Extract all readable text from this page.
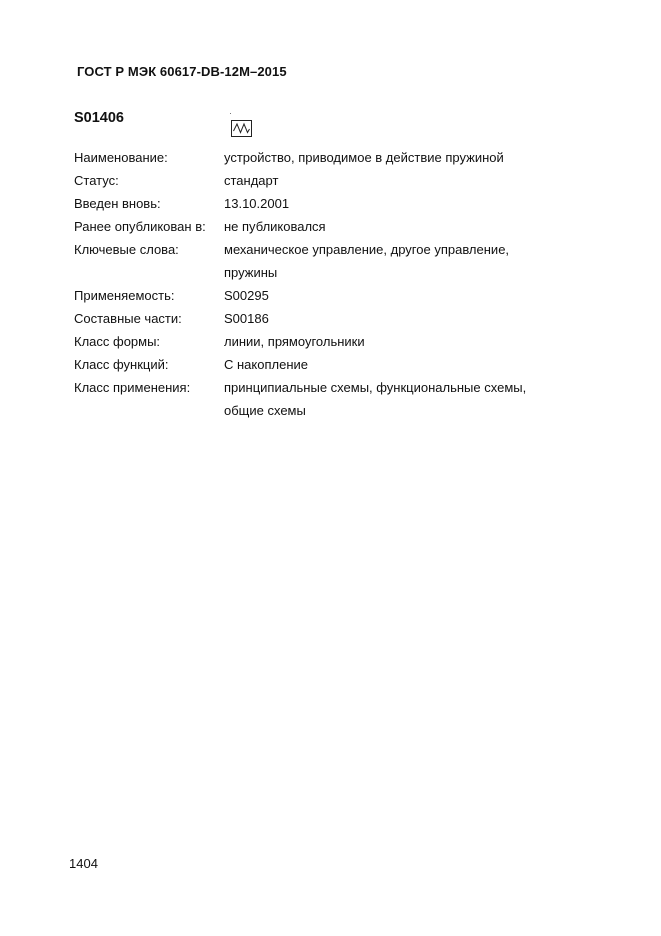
ГОСТ Р МЭК 60617-DB-12M–2015
S01406
Наименование:	устройство, приводимое в действие пружиной
Статус:	стандарт
Введен вновь:	13.10.2001
Ранее опубликован в:	не публиковался
Ключевые слова:	механическое управление, другое управление,
пружины
Применяемость:	S00295
Составные части:	S00186
Класс формы:	линии, прямоугольники
Класс функций:	С накопление
Класс применения:	принципиальные схемы, функциональные схемы,
общие схемы
1404
